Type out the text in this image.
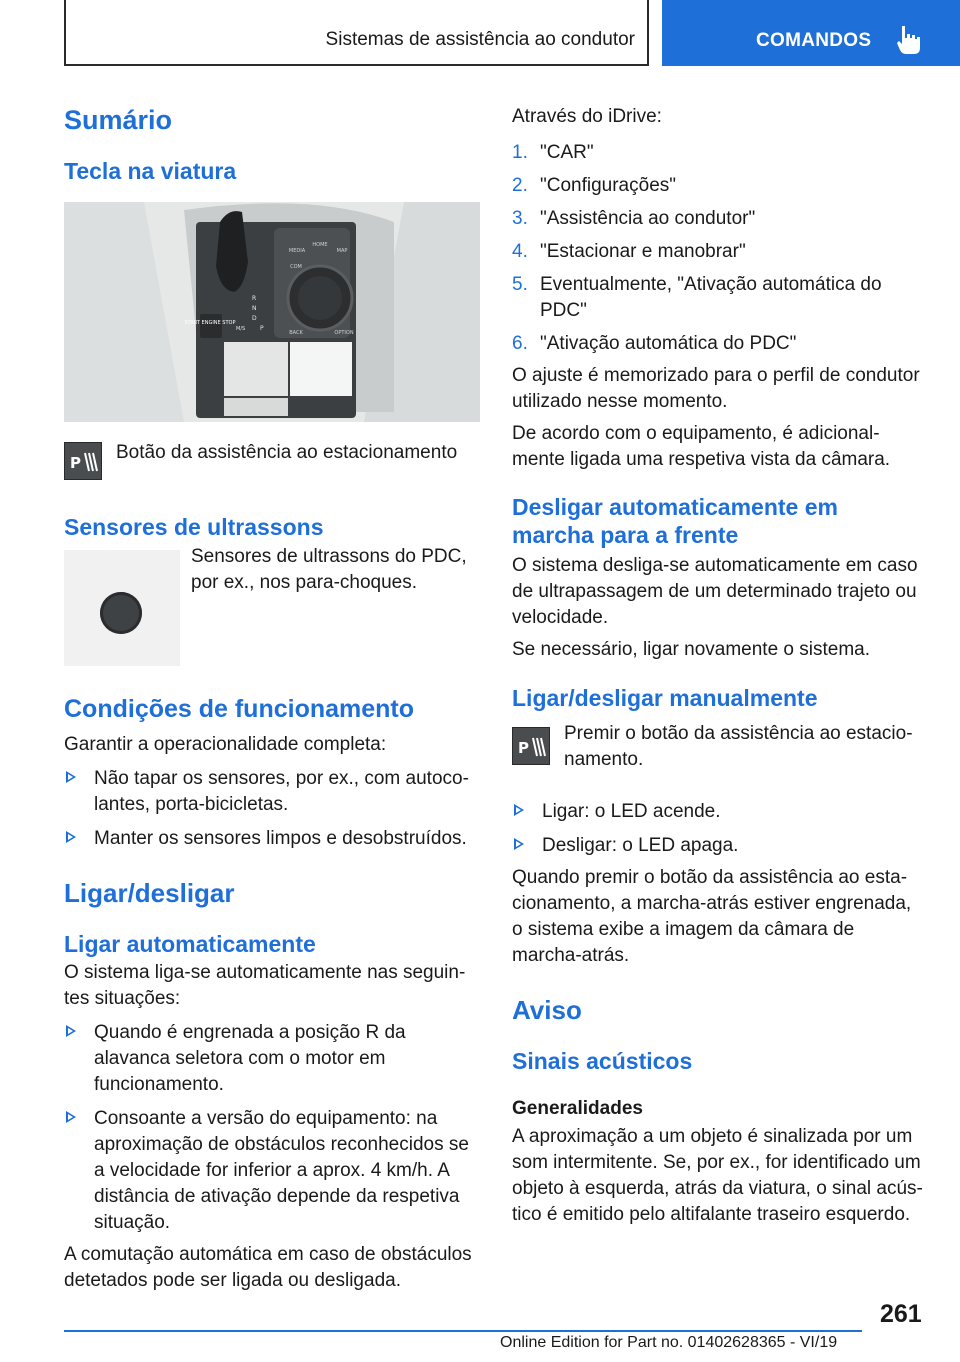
Sistemas de assistência ao condutor	COMANDOS
Sumário
Tecla na viatura
START ENGINE STOP
MEDIA
HOME
MAP
COM
BACK	OPTION
R
N
D
M/S P
P Botão da assistência ao estacionamento

Sensores de ultrassons

Sensores de ultrassons do PDC, por ex., nos para-choques.

Condições de funcionamento

Garantir a operacionalidade completa:

Não tapar os sensores, por ex., com autocolantes, porta-bicicletas.
Manter os sensores limpos e desobstruídos.
Ligar/desligar
Ligar automaticamente

O sistema liga-se automaticamente nas seguintes situações:

Quando é engrenada a posição R da alavanca seletora com o motor em funcionamento.
Consoante a versão do equipamento: na aproximação de obstáculos reconhecidos se a velocidade for inferior a aprox. 4 km/h. A distância de ativação depende da respetiva situação.

A comutação automática em caso de obstáculos detetados pode ser ligada ou desligada.

Através do iDrive:

1. "CAR"
2. "Configurações"
3. "Assistência ao condutor"
4. "Estacionar e manobrar"
5. Eventualmente, "Ativação automática do PDC"
6. "Ativação automática do PDC"

O ajuste é memorizado para o perfil de condutor utilizado nesse momento.

De acordo com o equipamento, é adicionalmente ligada uma respetiva vista da câmara.

Desligar automaticamente em marcha para a frente

O sistema desliga-se automaticamente em caso de ultrapassagem de um determinado trajeto ou velocidade.

Se necessário, ligar novamente o sistema.

Ligar/desligar manualmente
P

Premir o botão da assistência ao estacionamento.

Ligar: o LED acende.
Desligar: o LED apaga.

Quando premir o botão da assistência ao estacionamento, a marcha-atrás estiver engrenada, o sistema exibe a imagem da câmara de marcha-atrás.

Aviso
Sinais acústicos
Generalidades

A aproximação a um objeto é sinalizada por um som intermitente. Se, por ex., for identificado um objeto à esquerda, atrás da viatura, o sinal acústico é emitido pelo altifalante traseiro esquerdo.

261
Online Edition for Part no. 01402628365 - VI/19
